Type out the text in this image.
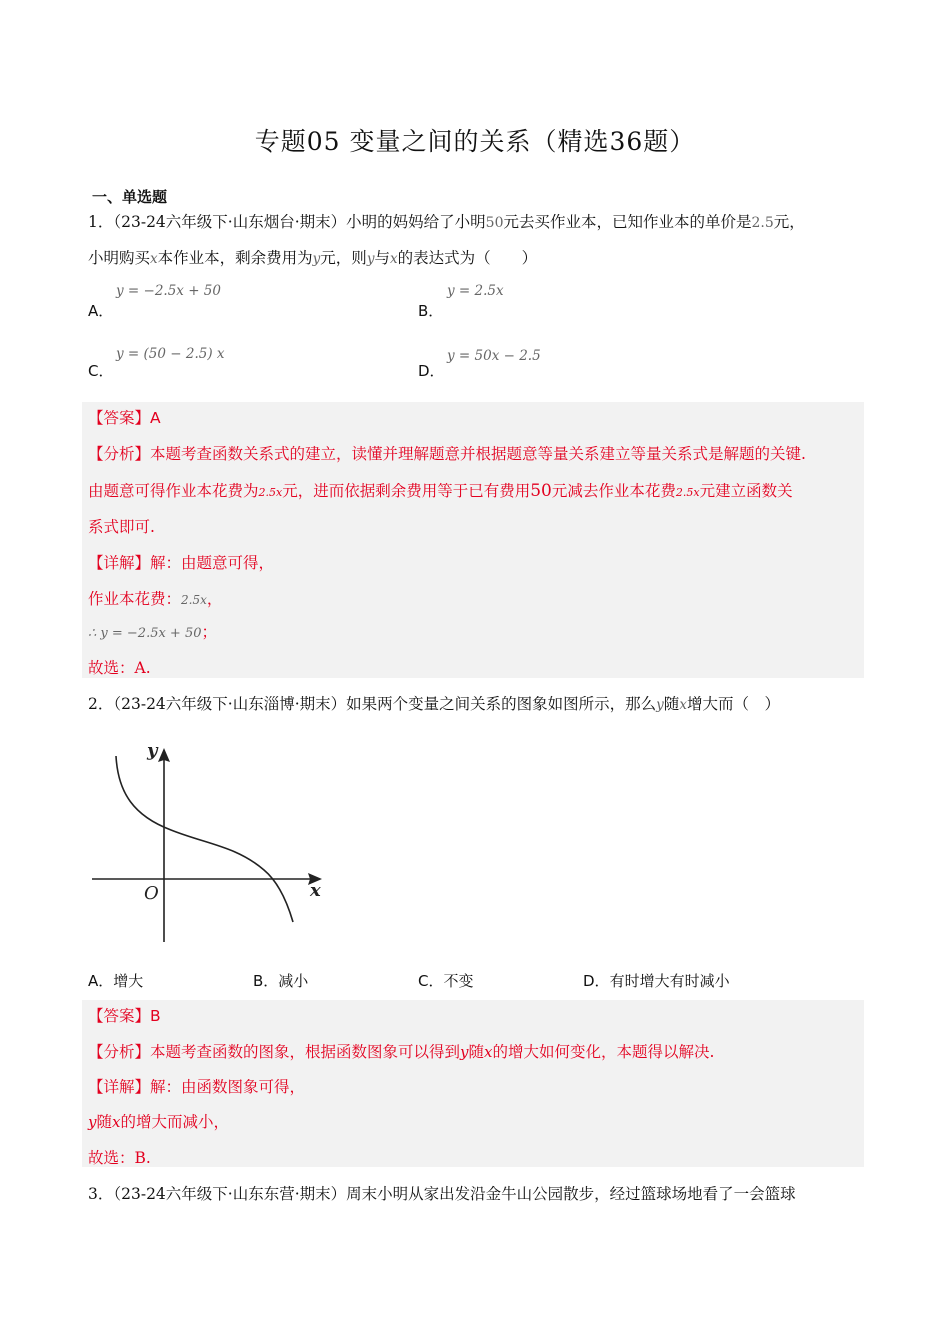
专题05 变量之间的关系（精选36题）
一、单选题
1．（23-24六年级下·山东烟台·期末）小明的妈妈给了小明50元去买作业本，已知作业本的单价是2.5元，
小明购买x本作业本，剩余费用为y元，则y与x的表达式为（　　）
A．
y = −2.5x + 50
B．
y = 2.5x
C．
y = (50 − 2.5) x
D．
y = 50x − 2.5
【答案】A
【分析】本题考查函数关系式的建立，读懂并理解题意并根据题意等量关系建立等量关系式是解题的关键.
由题意可得作业本花费为2.5x元，进而依据剩余费用等于已有费用50元减去作业本花费2.5x元建立函数关
系式即可.
【详解】解：由题意可得，
作业本花费：2.5x，
∴ y = −2.5x + 50；
故选：A.
2．（23-24六年级下·山东淄博·期末）如果两个变量之间关系的图象如图所示，那么y随x增大而（　）
y
x
O
A．增大	B．减小	C．不变	D．有时增大有时减小
【答案】B
【分析】本题考查函数的图象，根据函数图象可以得到y随x的增大如何变化，本题得以解决.
【详解】解：由函数图象可得，
y随x的增大而减小，
故选：B.
3．（23-24六年级下·山东东营·期末）周末小明从家出发沿金牛山公园散步，经过篮球场地看了一会篮球
